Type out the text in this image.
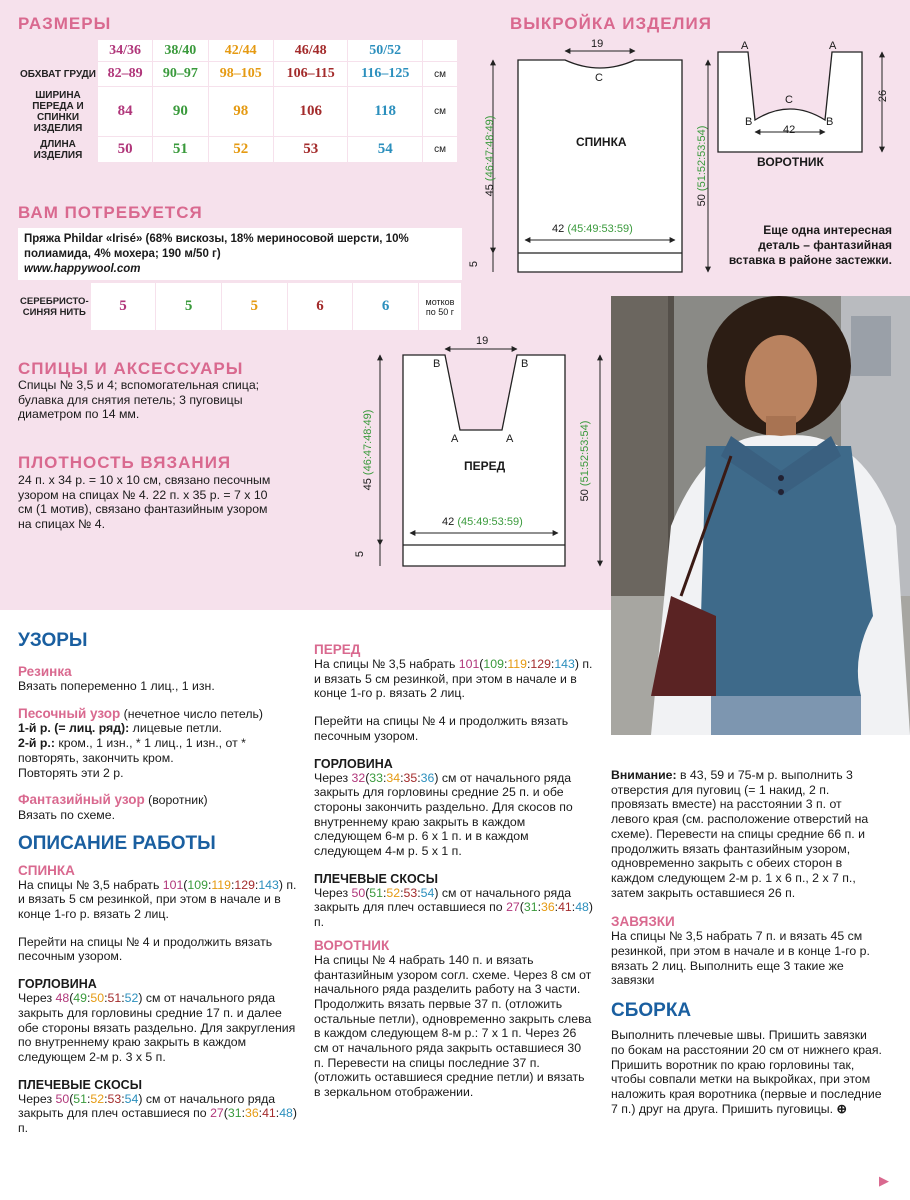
РАЗМЕРЫ
	34/36	38/40	42/44	46/48	50/52	
ОБХВАТ ГРУДИ	82–89	90–97	98–105	106–115	116–125	см
ШИРИНА ПЕРЕДА И СПИНКИ ИЗДЕЛИЯ	84	90	98	106	118	см
ДЛИНА ИЗДЕЛИЯ	50	51	52	53	54	см
ВАМ ПОТРЕБУЕТСЯ
Пряжа Phildar «Irisé» (68% вискозы, 18% мериносовой шерсти, 10% полиамида, 4% мохера; 190 м/50 г)
www.happywool.com
СЕРЕБРИСТО-СИНЯЯ НИТЬ	5	5	5	6	6	мотков по 50 г
СПИЦЫ И АКСЕССУАРЫ
Спицы № 3,5 и 4; вспомогательная спица; булавка для снятия петель; 3 пуговицы диаметром по 14 мм.
ПЛОТНОСТЬ ВЯЗАНИЯ
24 п. х 34 р. = 10 х 10 см, связано песочным узором на спицах № 4. 22 п. х 35 р. = 7 х 10 см (1 мотив), связано фантазийным узором на спицах № 4.
ВЫКРОЙКА ИЗДЕЛИЯ
19
C
СПИНКА
42 (45:49:53:59)
5
45 (46:47:48:49)
50 (51:52:53:54)
A	A
C
B	B
42
26
ВОРОТНИК
19
B	B
A	A
ПЕРЕД
42 (45:49:53:59)
5
45 (46:47:48:49)
50 (51:52:53:54)
Еще одна интересная деталь – фантазийная вставка в районе застежки.
УЗОРЫ
Резинка
Вязать попеременно 1 лиц., 1 изн.
Песочный узор (нечетное число петель)
1-й р. (= лиц. ряд): лицевые петли.
2-й р.: кром., 1 изн., * 1 лиц., 1 изн., от * повторять, закончить кром.
Повторять эти 2 р.
Фантазийный узор (воротник)
Вязать по схеме.
ОПИСАНИЕ РАБОТЫ
СПИНКА
На спицы № 3,5 набрать 101(109:119:129:143) п. и вязать 5 см резинкой, при этом в начале и в конце 1-го р. вязать 2 лиц.
Перейти на спицы № 4 и продолжить вязать песочным узором.
ГОРЛОВИНА
Через 48(49:50:51:52) см от начального ряда закрыть для горловины средние 17 п. и далее обе стороны вязать раздельно. Для закругления по внутреннему краю закрыть в каждом следующем 2-м р. 3 х 5 п.
ПЛЕЧЕВЫЕ СКОСЫ
Через 50(51:52:53:54) см от начального ряда закрыть для плеч оставшиеся по 27(31:36:41:48) п.
ПЕРЕД
На спицы № 3,5 набрать 101(109:119:129:143) п. и вязать 5 см резинкой, при этом в начале и в конце 1-го р. вязать 2 лиц.
Перейти на спицы № 4 и продолжить вязать песочным узором.
ГОРЛОВИНА
Через 32(33:34:35:36) см от начального ряда закрыть для горловины средние 25 п. и обе стороны закончить раздельно. Для скосов по внутреннему краю закрыть в каждом следующем 6-м р. 6 х 1 п. и в каждом следующем 4-м р. 5 х 1 п.
ПЛЕЧЕВЫЕ СКОСЫ
Через 50(51:52:53:54) см от начального ряда закрыть для плеч оставшиеся по 27(31:36:41:48) п.
ВОРОТНИК
На спицы № 4 набрать 140 п. и вязать фантазийным узором согл. схеме. Через 8 см от начального ряда разделить работу на 3 части. Продолжить вязать первые 37 п. (отложить остальные петли), одновременно закрыть слева в каждом следующем 8-м р.: 7 х 1 п. Через 26 см от начального ряда закрыть оставшиеся 30 п. Перевести на спицы последние 37 п. (отложить оставшиеся средние петли) и вязать в зеркальном отображении.
Внимание: в 43, 59 и 75-м р. выполнить 3 отверстия для пуговиц (= 1 накид, 2 п. провязать вместе) на расстоянии 3 п. от левого края (см. расположение отверстий на схеме). Перевести на спицы средние 66 п. и продолжить вязать фантазийным узором, одновременно закрыть с обеих сторон в каждом следующем 2-м р. 1 х 6 п., 2 х 7 п., затем закрыть оставшиеся 26 п.
ЗАВЯЗКИ
На спицы № 3,5 набрать 7 п. и вязать 45 см резинкой, при этом в начале и в конце 1-го р. вязать 2 лиц. Выполнить еще 3 такие же завязки
СБОРКА
Выполнить плечевые швы. Пришить завязки по бокам на расстоянии 20 см от нижнего края. Пришить воротник по краю горловины так, чтобы совпали метки на выкройках, при этом наложить края воротника (первые и последние 7 п.) друг на друга. Пришить пуговицы. ⊕
▶
